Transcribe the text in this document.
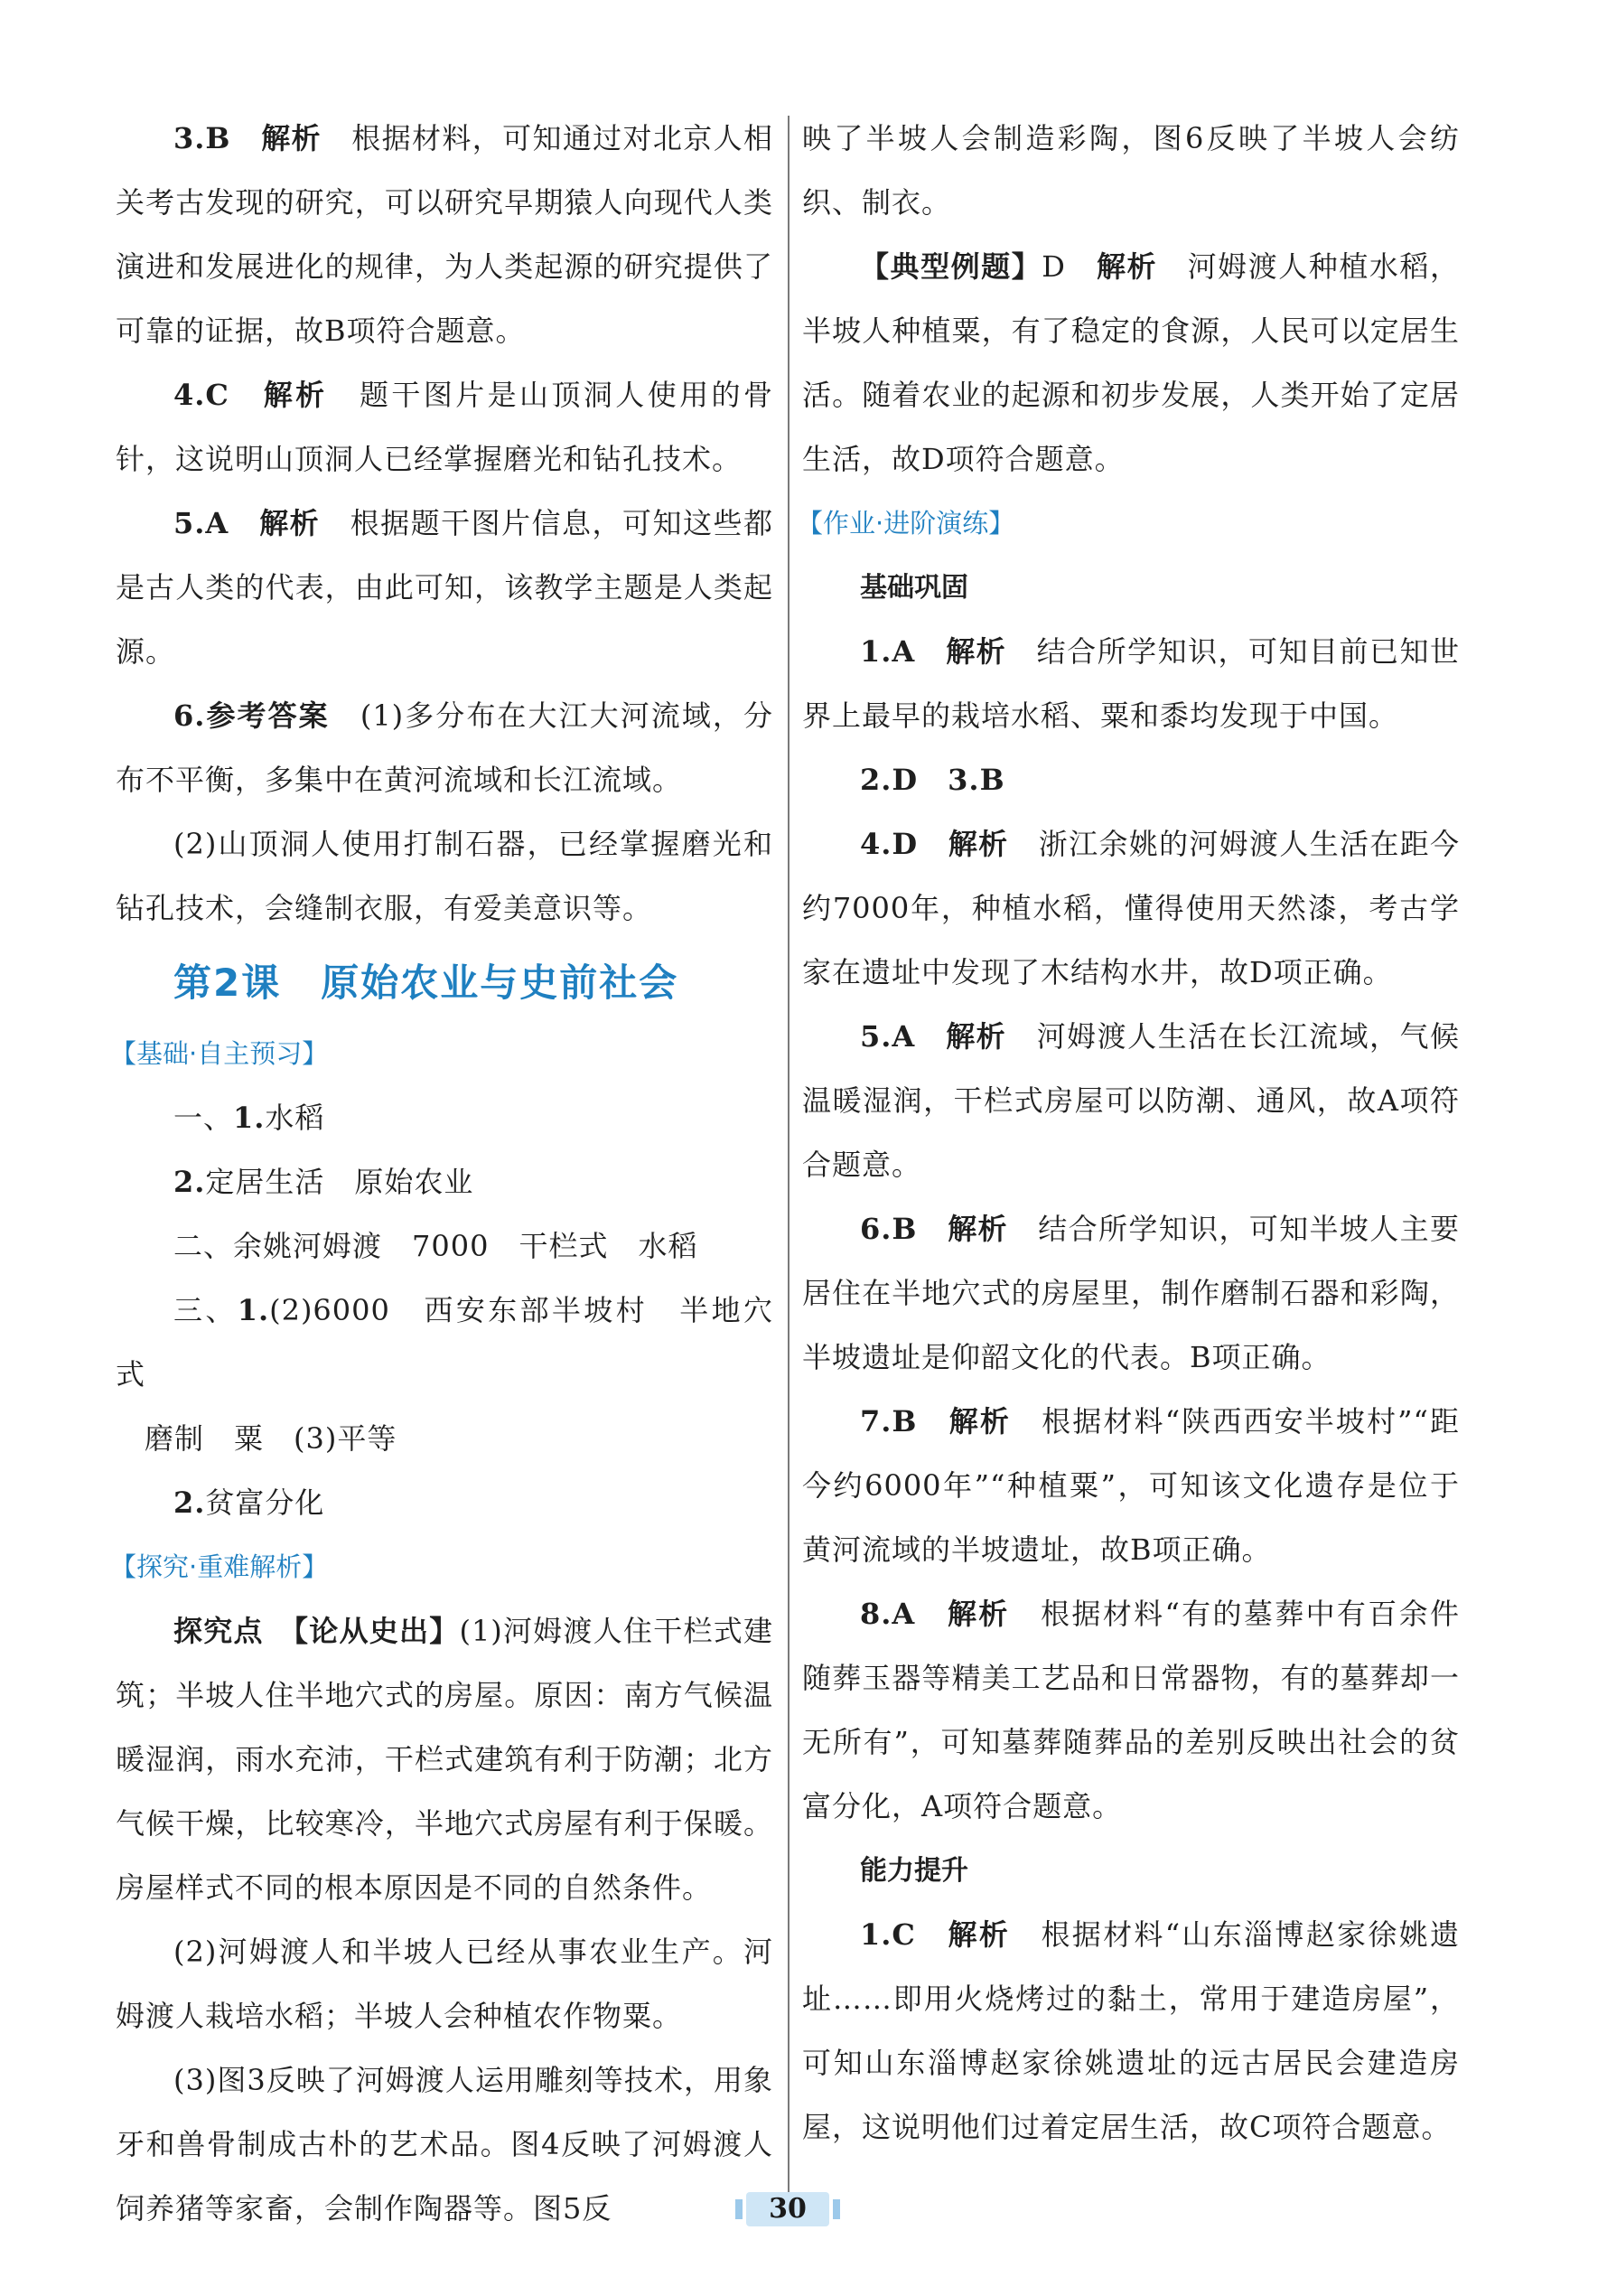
3.B　 解析　 根据材料，可知通过对北京人相关考古发现的研究，可以研究早期猿人向现代人类演进和发展进化的规律，为人类起源的研究提供了可靠的证据，故B项符合题意。

4.C　 解析　 题干图片是山顶洞人使用的骨针，这说明山顶洞人已经掌握磨光和钻孔技术。

5.A　 解析　 根据题干图片信息，可知这些都是古人类的代表，由此可知，该教学主题是人类起源。

6.参考答案　 (1)多分布在大江大河流域，分布不平衡，多集中在黄河流域和长江流域。

(2)山顶洞人使用打制石器，已经掌握磨光和钻孔技术，会缝制衣服，有爱美意识等。

第2课　原始农业与史前社会

【基础·自主预习】

一、1.水稻

2.定居生活　原始农业

二、余姚河姆渡　7000　干栏式　水稻

三、1.(2)6000　西安东部半坡村　半地穴式

磨制　粟　(3)平等

2.贫富分化

【探究·重难解析】

探究点　 【论从史出】(1)河姆渡人住干栏式建筑；半坡人住半地穴式的房屋。原因：南方气候温暖湿润，雨水充沛，干栏式建筑有利于防潮；北方气候干燥，比较寒冷，半地穴式房屋有利于保暖。房屋样式不同的根本原因是不同的自然条件。

(2)河姆渡人和半坡人已经从事农业生产。河姆渡人栽培水稻；半坡人会种植农作物粟。

(3)图3反映了河姆渡人运用雕刻等技术，用象牙和兽骨制成古朴的艺术品。图4反映了河姆渡人饲养猪等家畜，会制作陶器等。图5反

映了半坡人会制造彩陶，图6反映了半坡人会纺织、制衣。

【典型例题】D　 解析　 河姆渡人种植水稻，半坡人种植粟，有了稳定的食源，人民可以定居生活。随着农业的起源和初步发展，人类开始了定居生活，故D项符合题意。

【作业·进阶演练】

基础巩固

1.A　 解析　 结合所学知识，可知目前已知世界上最早的栽培水稻、粟和黍均发现于中国。

2.D　3.B

4.D　 解析　 浙江余姚的河姆渡人生活在距今约7000年，种植水稻，懂得使用天然漆，考古学家在遗址中发现了木结构水井，故D项正确。

5.A　 解析　 河姆渡人生活在长江流域，气候温暖湿润，干栏式房屋可以防潮、通风，故A项符合题意。

6.B　 解析　 结合所学知识，可知半坡人主要居住在半地穴式的房屋里，制作磨制石器和彩陶，半坡遗址是仰韶文化的代表。B项正确。

7.B　 解析　 根据材料“陕西西安半坡村”“距今约6000年”“种植粟”，可知该文化遗存是位于黄河流域的半坡遗址，故B项正确。

8.A　 解析　 根据材料“有的墓葬中有百余件随葬玉器等精美工艺品和日常器物，有的墓葬却一无所有”，可知墓葬随葬品的差别反映出社会的贫富分化，A项符合题意。

能力提升

1.C　 解析　 根据材料“山东淄博赵家徐姚遗址……即用火烧烤过的黏土，常用于建造房屋”，可知山东淄博赵家徐姚遗址的远古居民会建造房屋，这说明他们过着定居生活，故C项符合题意。

30
